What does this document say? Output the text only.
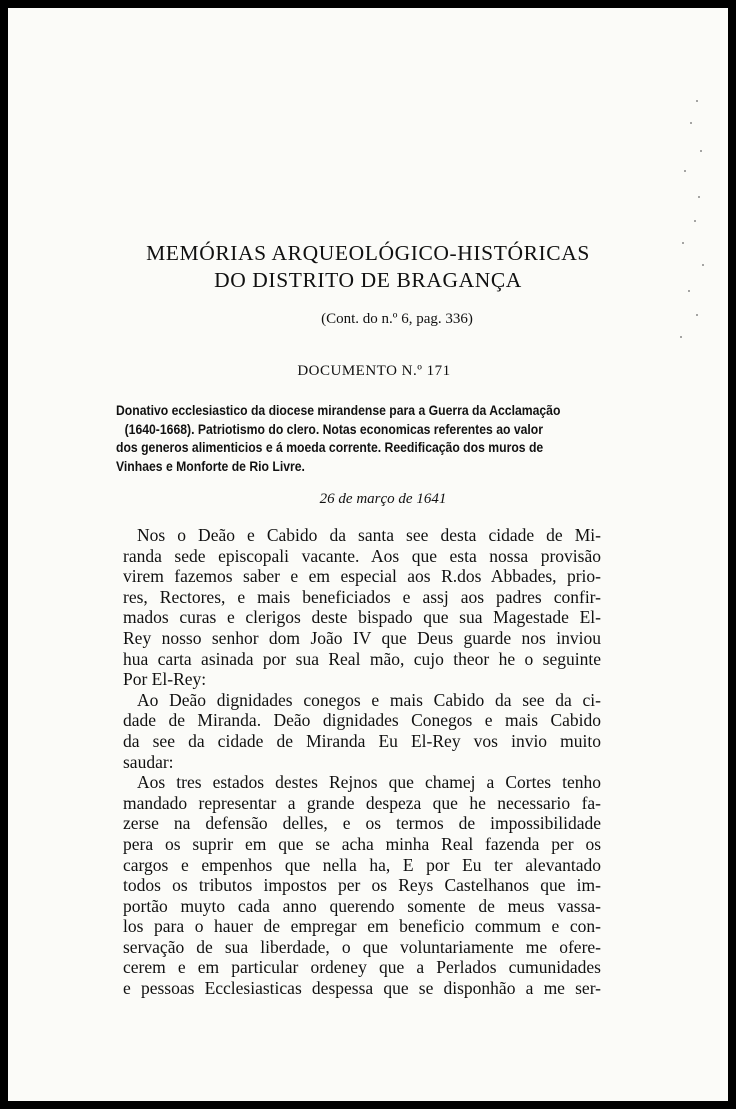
MEMÓRIAS ARQUEOLÓGICO-HISTÓRICAS
DO DISTRITO DE BRAGANÇA
(Cont. do n.º 6, pag. 336)
DOCUMENTO N.º 171
Donativo ecclesiastico da diocese mirandense para a Guerra da Acclamação
(1640-1668). Patriotismo do clero. Notas economicas referentes ao valor
dos generos alimenticios e á moeda corrente. Reedificação dos muros de
Vinhaes e Monforte de Rio Livre.
26 de março de 1641
Nos o Deão e Cabido da santa see desta cidade de Mi-
randa sede episcopali vacante. Aos que esta nossa provisão
virem fazemos saber e em especial aos R.dos Abbades, prio-
res, Rectores, e mais beneficiados e assj aos padres confir-
mados curas e clerigos deste bispado que sua Magestade El-
Rey nosso senhor dom João IV que Deus guarde nos inviou
hua carta asinada por sua Real mão, cujo theor he o seguinte
Por El-Rey:
Ao Deão dignidades conegos e mais Cabido da see da ci-
dade de Miranda. Deão dignidades Conegos e mais Cabido
da see da cidade de Miranda Eu El-Rey vos invio muito
saudar:
Aos tres estados destes Rejnos que chamej a Cortes tenho
mandado representar a grande despeza que he necessario fa-
zerse na defensão delles, e os termos de impossibilidade
pera os suprir em que se acha minha Real fazenda per os
cargos e empenhos que nella ha, E por Eu ter alevantado
todos os tributos impostos per os Reys Castelhanos que im-
portão muyto cada anno querendo somente de meus vassa-
los para o hauer de empregar em beneficio commum e con-
servação de sua liberdade, o que voluntariamente me ofere-
cerem e em particular ordeney que a Perlados cumunidades
e pessoas Ecclesiasticas despessa que se disponhão a me ser-
